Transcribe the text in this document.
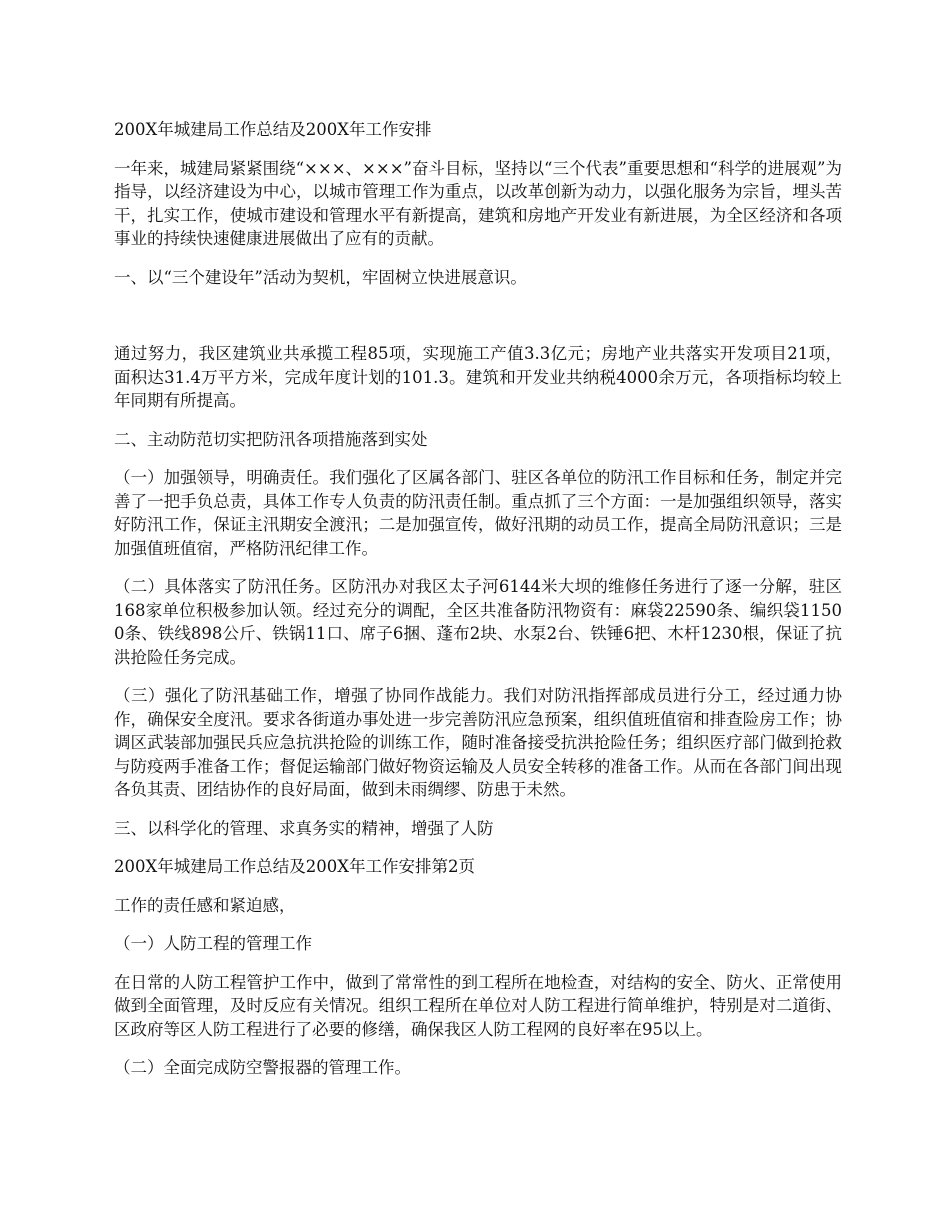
200X年城建局工作总结及200X年工作安排

一年来，城建局紧紧围绕“×××、×××”奋斗目标，坚持以“三个代表”重要思想和“科学的进展观”为指导，以经济建设为中心，以城市管理工作为重点，以改革创新为动力，以强化服务为宗旨，埋头苦干，扎实工作，使城市建设和管理水平有新提高，建筑和房地产开发业有新进展，为全区经济和各项事业的持续快速健康进展做出了应有的贡献。

一、以“三个建设年”活动为契机，牢固树立快进展意识。

通过努力，我区建筑业共承揽工程85项，实现施工产值3.3亿元；房地产业共落实开发项目21项，面积达31.4万平方米，完成年度计划的101.3。建筑和开发业共纳税4000余万元，各项指标均较上年同期有所提高。

二、主动防范切实把防汛各项措施落到实处

（一）加强领导，明确责任。我们强化了区属各部门、驻区各单位的防汛工作目标和任务，制定并完善了一把手负总责，具体工作专人负责的防汛责任制。重点抓了三个方面：一是加强组织领导，落实好防汛工作，保证主汛期安全渡汛；二是加强宣传，做好汛期的动员工作，提高全局防汛意识；三是加强值班值宿，严格防汛纪律工作。

（二）具体落实了防汛任务。区防汛办对我区太子河6144米大坝的维修任务进行了逐一分解，驻区168家单位积极参加认领。经过充分的调配，全区共准备防汛物资有：麻袋22590条、编织袋11500条、铁线898公斤、铁锅11口、席子6捆、蓬布2块、水泵2台、铁锤6把、木杆1230根，保证了抗洪抢险任务完成。

（三）强化了防汛基础工作，增强了协同作战能力。我们对防汛指挥部成员进行分工，经过通力协作，确保安全度汛。要求各街道办事处进一步完善防汛应急预案，组织值班值宿和排查险房工作；协调区武装部加强民兵应急抗洪抢险的训练工作，随时准备接受抗洪抢险任务；组织医疗部门做到抢救与防疫两手准备工作；督促运输部门做好物资运输及人员安全转移的准备工作。从而在各部门间出现各负其责、团结协作的良好局面，做到未雨绸缪、防患于未然。

三、以科学化的管理、求真务实的精神，增强了人防

200X年城建局工作总结及200X年工作安排第2页

工作的责任感和紧迫感，

（一）人防工程的管理工作

在日常的人防工程管护工作中，做到了常常性的到工程所在地检查，对结构的安全、防火、正常使用做到全面管理，及时反应有关情况。组织工程所在单位对人防工程进行简单维护，特别是对二道街、区政府等区人防工程进行了必要的修缮，确保我区人防工程网的良好率在95以上。

（二）全面完成防空警报器的管理工作。
